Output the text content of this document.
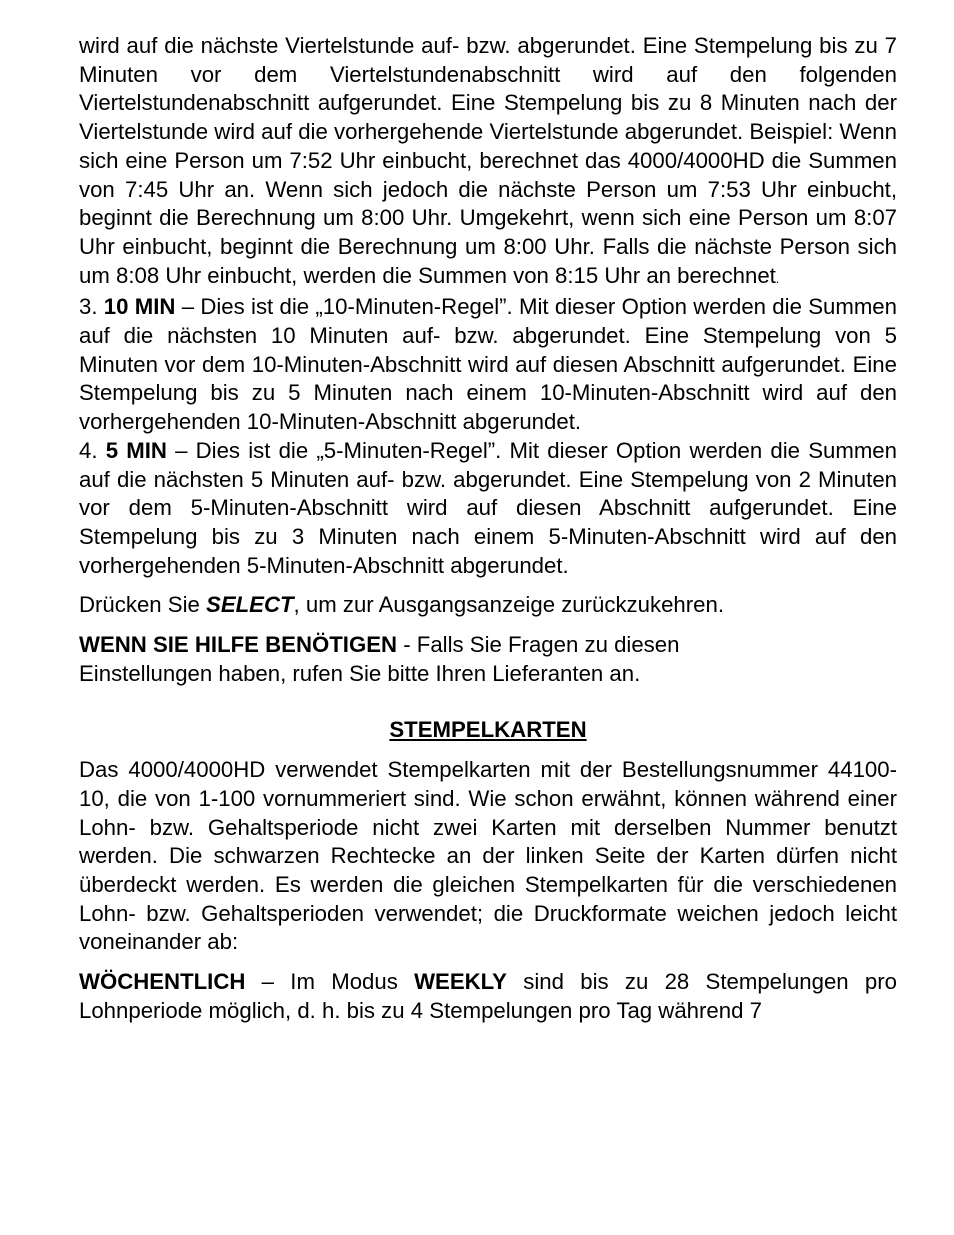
wird auf die nächste Viertelstunde auf- bzw. abgerundet. Eine Stempelung bis zu 7 Minuten vor dem Viertelstundenabschnitt wird auf den folgenden Viertelstundenabschnitt aufgerundet. Eine Stempelung bis zu 8 Minuten nach der Viertelstunde wird auf die vorhergehende Viertelstunde abgerundet. Beispiel: Wenn sich eine Person um 7:52 Uhr einbucht, berechnet das 4000/4000HD die Summen von 7:45 Uhr an. Wenn sich jedoch die nächste Person um 7:53 Uhr einbucht, beginnt die Berechnung um 8:00 Uhr. Umgekehrt, wenn sich eine Person um 8:07 Uhr einbucht, beginnt die Berechnung um 8:00 Uhr. Falls die nächste Person sich um 8:08 Uhr einbucht, werden die Summen von 8:15 Uhr an berechnet.

3. 10 MIN – Dies ist die „10-Minuten-Regel”. Mit dieser Option werden die Summen auf die nächsten 10 Minuten auf- bzw. abgerundet. Eine Stempelung von 5 Minuten vor dem 10-Minuten-Abschnitt wird auf diesen Abschnitt aufgerundet. Eine Stempelung bis zu 5 Minuten nach einem 10-Minuten-Abschnitt wird auf den vorhergehenden 10-Minuten-Abschnitt abgerundet.

4. 5 MIN – Dies ist die „5-Minuten-Regel”. Mit dieser Option werden die Summen auf die nächsten 5 Minuten auf- bzw. abgerundet. Eine Stempelung von 2 Minuten vor dem 5-Minuten-Abschnitt wird auf diesen Abschnitt aufgerundet. Eine Stempelung bis zu 3 Minuten nach einem 5-Minuten-Abschnitt wird auf den vorhergehenden 5-Minuten-Abschnitt abgerundet.

Drücken Sie SELECT, um zur Ausgangsanzeige zurückzukehren.

WENN SIE HILFE BENÖTIGEN - Falls Sie Fragen zu diesen
Einstellungen haben, rufen Sie bitte Ihren Lieferanten an.

STEMPELKARTEN

Das 4000/4000HD verwendet Stempelkarten mit der Bestellungsnummer 44100-10, die von 1-100 vornummeriert sind. Wie schon erwähnt, können während einer Lohn- bzw. Gehaltsperiode nicht zwei Karten mit derselben Nummer benutzt werden. Die schwarzen Rechtecke an der linken Seite der Karten dürfen nicht überdeckt werden. Es werden die gleichen Stempelkarten für die verschiedenen Lohn- bzw. Gehaltsperioden verwendet; die Druckformate weichen jedoch leicht voneinander ab:

WÖCHENTLICH – Im Modus WEEKLY sind bis zu 28 Stempelungen pro Lohnperiode möglich, d. h. bis zu 4 Stempelungen pro Tag während 7
